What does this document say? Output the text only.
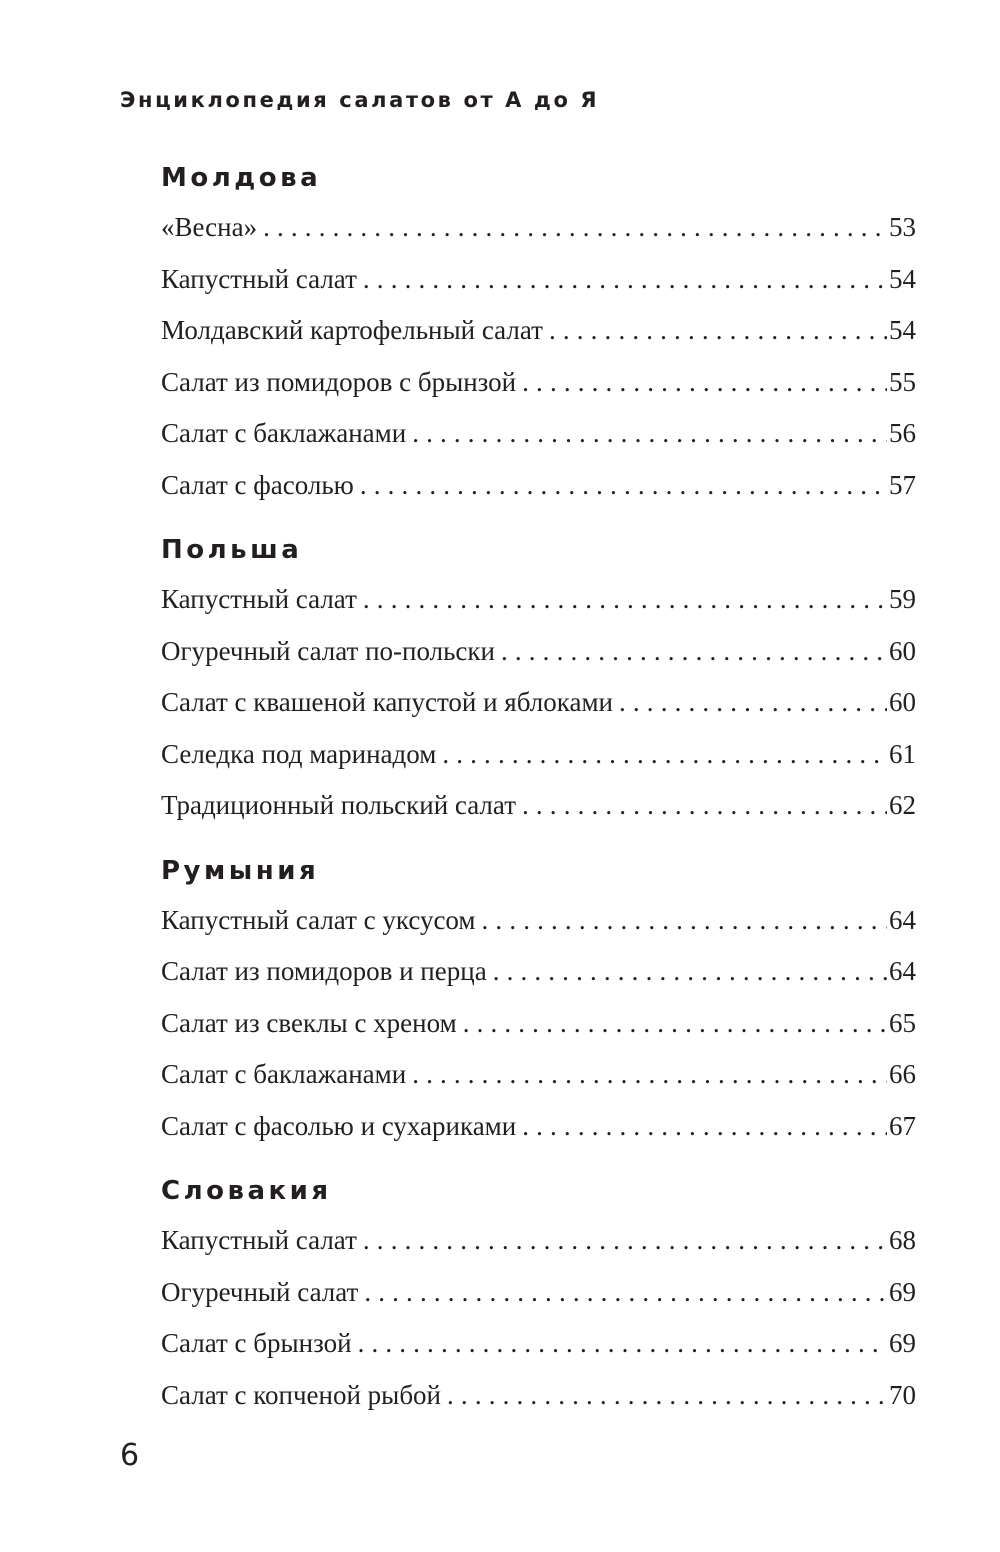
Энциклопедия салатов от А до Я
Молдова
«Весна» . . .	53
Капустный салат . . .	54
Молдавский картофельный салат . . .	54
Салат из помидоров с брынзой . . .	55
Салат с баклажанами . . .	56
Салат с фасолью . . .	57
Польша
Капустный салат . . .	59
Огуречный салат по-польски . . .	60
Салат с квашеной капустой и яблоками . . .	60
Селедка под маринадом . . .	61
Традиционный польский салат . . .	62
Румыния
Капустный салат с уксусом . . .	64
Салат из помидоров и перца . . .	64
Салат из свеклы с хреном . . .	65
Салат с баклажанами . . .	66
Салат с фасолью и сухариками . . .	67
Словакия
Капустный салат . . .	68
Огуречный салат . . .	69
Салат с брынзой . . .	69
Салат с копченой рыбой . . .	70
6
